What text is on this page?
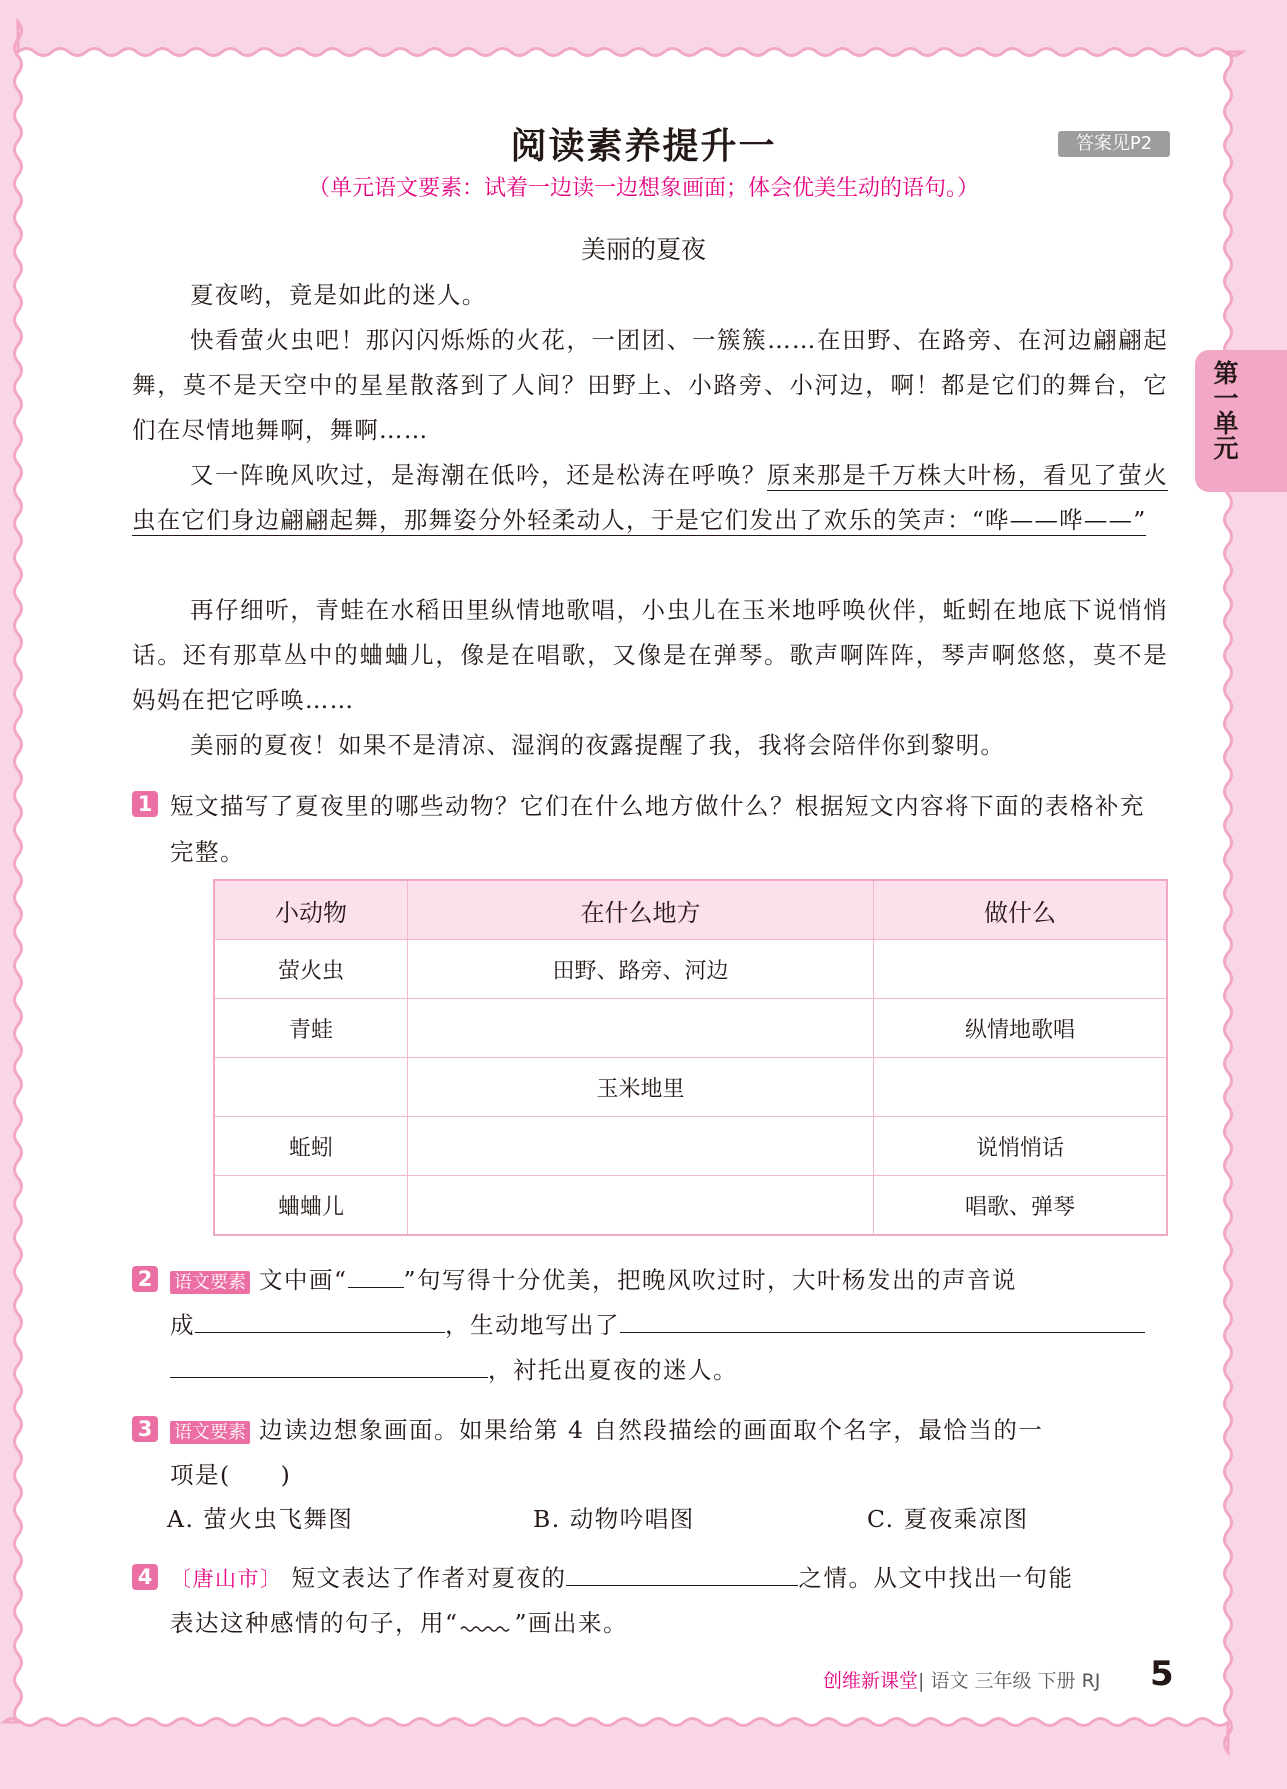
阅读素养提升一	答案见P2
（单元语文要素：试着一边读一边想象画面；体会优美生动的语句。）
第一单元
美丽的夏夜
夏夜哟，竟是如此的迷人。
快看萤火虫吧！那闪闪烁烁的火花，一团团、一簇簇……在田野、在路旁、在河边翩翩起舞，莫不是天空中的星星散落到了人间？田野上、小路旁、小河边，啊！都是它们的舞台，它们在尽情地舞啊，舞啊……
又一阵晚风吹过，是海潮在低吟，还是松涛在呼唤？原来那是千万株大叶杨，看见了萤火虫在它们身边翩翩起舞，那舞姿分外轻柔动人，于是它们发出了欢乐的笑声：“哗——哗——”
再仔细听，青蛙在水稻田里纵情地歌唱，小虫儿在玉米地呼唤伙伴，蚯蚓在地底下说悄悄话。还有那草丛中的蛐蛐儿，像是在唱歌，又像是在弹琴。歌声啊阵阵，琴声啊悠悠，莫不是妈妈在把它呼唤……
美丽的夏夜！如果不是清凉、湿润的夜露提醒了我，我将会陪伴你到黎明。
1 短文描写了夏夜里的哪些动物？它们在什么地方做什么？根据短文内容将下面的表格补充完整。
小动物	在什么地方	做什么
萤火虫	田野、路旁、河边	
青蛙		纵情地歌唱
	玉米地里	
蚯蚓		说悄悄话
蛐蛐儿		唱歌、弹琴
2	语文要素 文中画“ ”句写得十分优美，把晚风吹过时，大叶杨发出的声音说
成	，生动地写出了
，衬托出夏夜的迷人。
3	语文要素 边读边想象画面。如果给第 4 自然段描绘的画面取个名字，最恰当的一
项是(　　)
A. 萤火虫飞舞图	B. 动物吟唱图	C. 夏夜乘凉图
4 〔唐山市〕 短文表达了作者对夏夜的	之情。从文中找出一句能
表达这种感情的句子，用“ ”画出来。
创维新课堂| 语文 三年级 下册 RJ 5
